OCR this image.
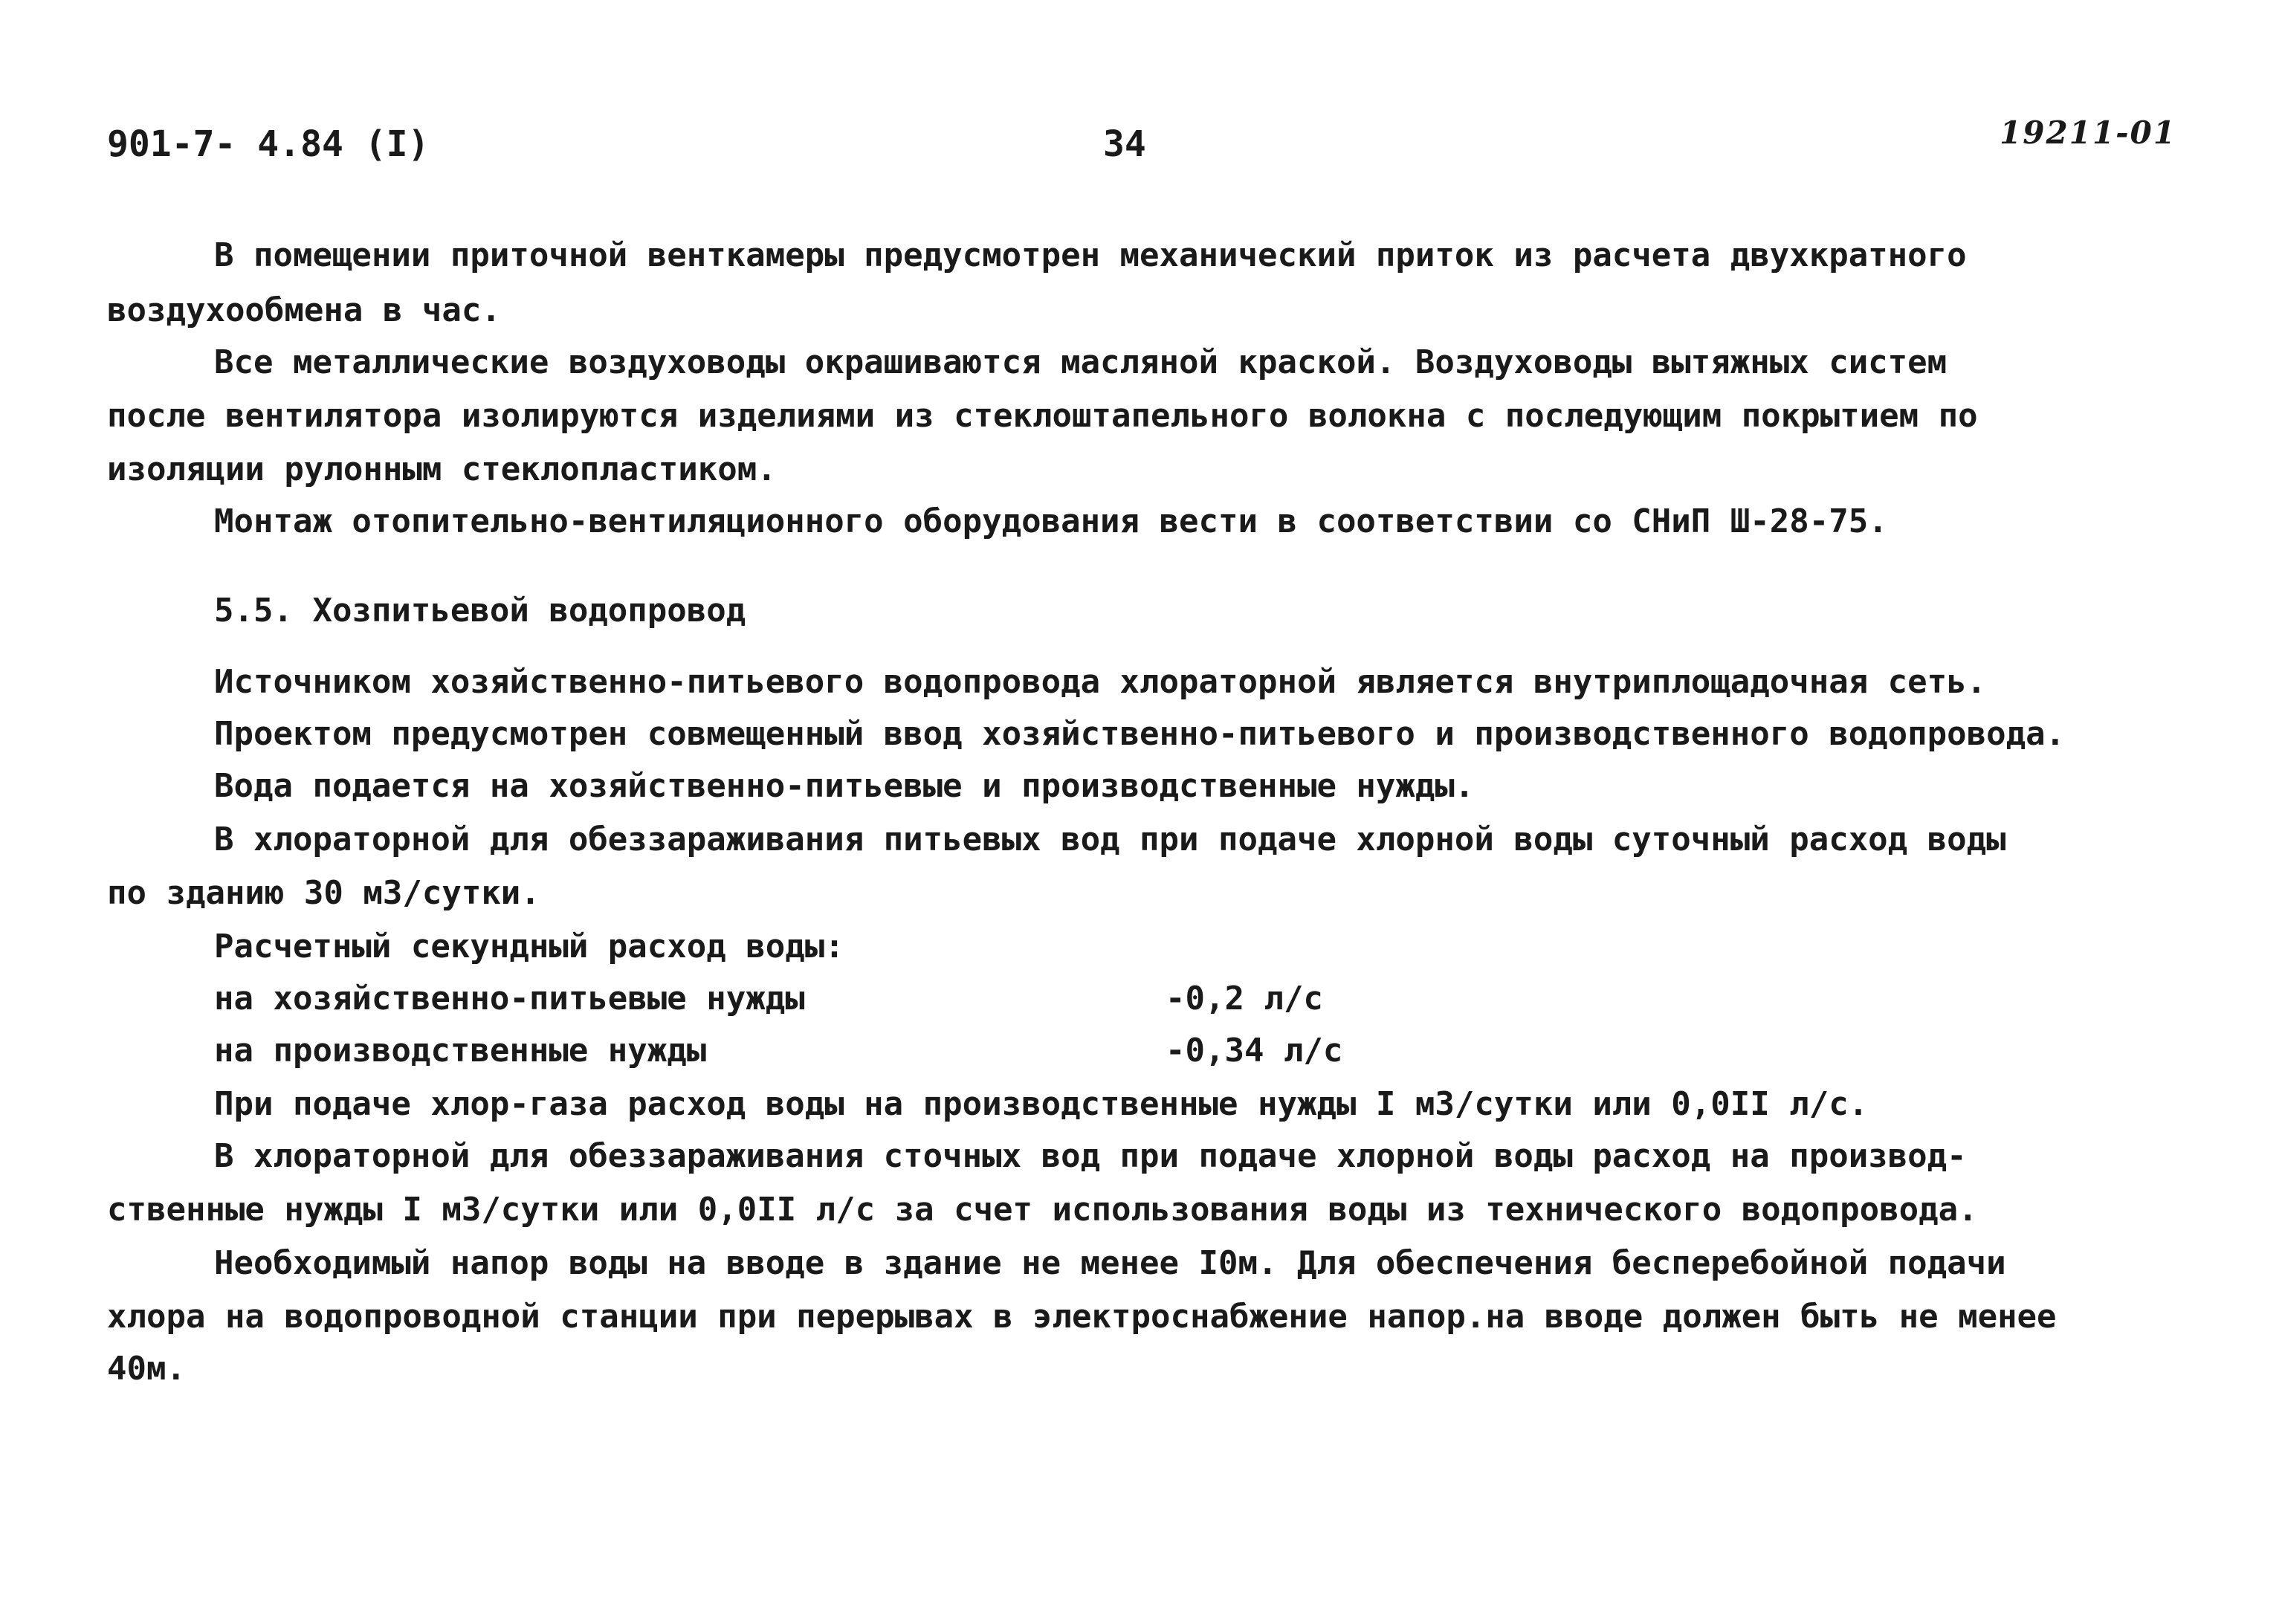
901-7- 4.84 (I)	34	19211-01
В помещении приточной венткамеры предусмотрен механический приток из расчета двухкратного
воздухообмена в час.
Все металлические воздуховоды окрашиваются масляной краской. Воздуховоды вытяжных систем
после вентилятора изолируются изделиями из стеклоштапельного волокна с последующим покрытием по
изоляции рулонным стеклопластиком.
Монтаж отопительно-вентиляционного оборудования вести в соответствии со СНиП Ш-28-75.
5.5. Хозпитьевой водопровод
Источником хозяйственно-питьевого водопровода хлораторной является внутриплощадочная сеть.
Проектом предусмотрен совмещенный ввод хозяйственно-питьевого и производственного водопровода.
Вода подается на хозяйственно-питьевые и производственные нужды.
В хлораторной для обеззараживания питьевых вод при подаче хлорной воды суточный расход воды
по зданию 30 м3/сутки.
Расчетный секундный расход воды:
на хозяйственно-питьевые нужды	-0,2 л/с
на производственные нужды	-0,34 л/с
При подаче хлор-газа расход воды на производственные нужды I м3/сутки или 0,0II л/с.
В хлораторной для обеззараживания сточных вод при подаче хлорной воды расход на производ-
ственные нужды I м3/сутки или 0,0II л/с за счет использования воды из технического водопровода.
Необходимый напор воды на вводе в здание не менее I0м. Для обеспечения бесперебойной подачи
хлора на водопроводной станции при перерывах в электроснабжение напор.на вводе должен быть не менее
40м.
